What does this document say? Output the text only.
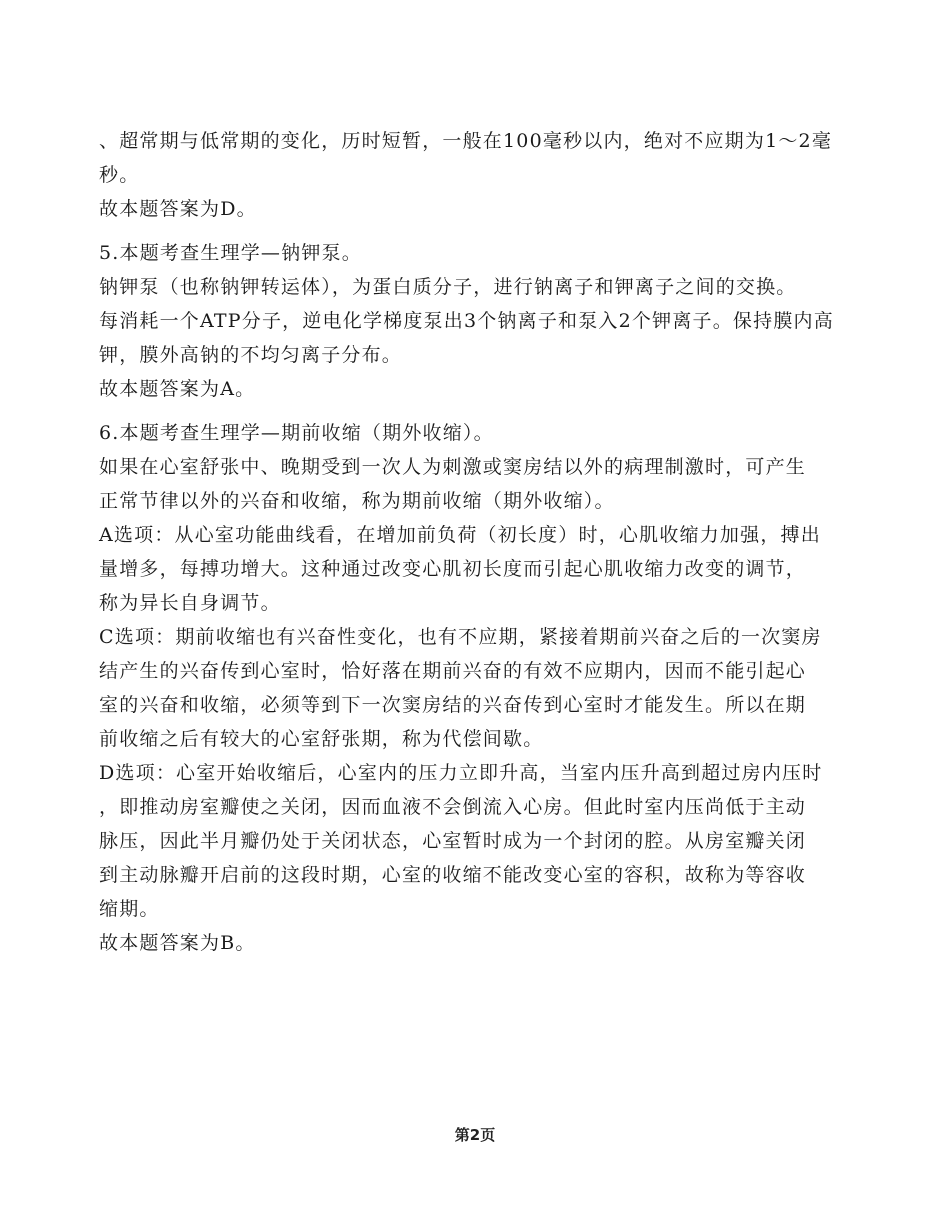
、超常期与低常期的变化，历时短暂，一般在100毫秒以内，绝对不应期为1～2毫
秒。
故本题答案为D。
5.本题考查生理学—钠钾泵。
钠钾泵（也称钠钾转运体），为蛋白质分子，进行钠离子和钾离子之间的交换。
每消耗一个ATP分子，逆电化学梯度泵出3个钠离子和泵入2个钾离子。保持膜内高
钾，膜外高钠的不均匀离子分布。
故本题答案为A。
6.本题考查生理学—期前收缩（期外收缩）。
如果在心室舒张中、晚期受到一次人为刺激或窦房结以外的病理制激时，可产生
正常节律以外的兴奋和收缩，称为期前收缩（期外收缩）。
A选项：从心室功能曲线看，在增加前负荷（初长度）时，心肌收缩力加强，搏出
量增多，每搏功增大。这种通过改变心肌初长度而引起心肌收缩力改变的调节，
称为异长自身调节。
C选项：期前收缩也有兴奋性变化，也有不应期，紧接着期前兴奋之后的一次窦房
结产生的兴奋传到心室时，恰好落在期前兴奋的有效不应期内，因而不能引起心
室的兴奋和收缩，必须等到下一次窦房结的兴奋传到心室时才能发生。所以在期
前收缩之后有较大的心室舒张期，称为代偿间歇。
D选项：心室开始收缩后，心室内的压力立即升高，当室内压升高到超过房内压时
，即推动房室瓣使之关闭，因而血液不会倒流入心房。但此时室内压尚低于主动
脉压，因此半月瓣仍处于关闭状态，心室暂时成为一个封闭的腔。从房室瓣关闭
到主动脉瓣开启前的这段时期，心室的收缩不能改变心室的容积，故称为等容收
缩期。
故本题答案为B。
第2页
